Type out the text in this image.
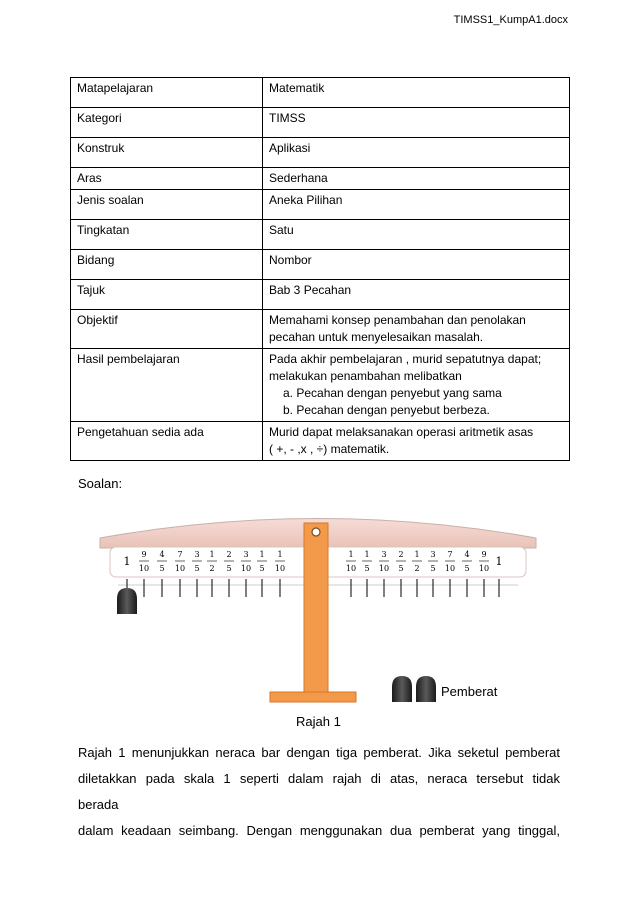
TIMSS1_KumpA1.docx
Matapelajaran	Matematik

Kategori	TIMSS

Konstruk	Aplikasi

Aras	Sederhana

Jenis soalan	Aneka Pilihan

Tingkatan	Satu

Bidang	Nombor

Tajuk	Bab 3 Pecahan

Objektif	Memahami konsep penambahan dan penolakan
pecahan untuk menyelesaikan masalah.

Hasil pembelajaran	Pada akhir pembelajaran , murid sepatutnya dapat;
melakukan penambahan melibatkan
a. Pecahan dengan penyebut yang sama
b. Pecahan dengan penyebut berbeza.

Pengetahuan sedia ada	Murid dapat melaksanakan operasi aritmetik asas
( +, - ,x , ÷) matematik.
Soalan:
1
9
10
4
5
7
10
3
5
1
2
2
5
3
10
1
5
1
10
1
10
1
5
3
10
2
5
1
2
3
5
7
10
4
5
9
10
1
Pemberat
Rajah 1
Rajah 1 menunjukkan neraca bar dengan tiga pemberat. Jika seketul pemberat
diletakkan pada skala 1 seperti dalam rajah di atas, neraca tersebut tidak berada
dalam keadaan seimbang. Dengan menggunakan dua pemberat yang tinggal,
